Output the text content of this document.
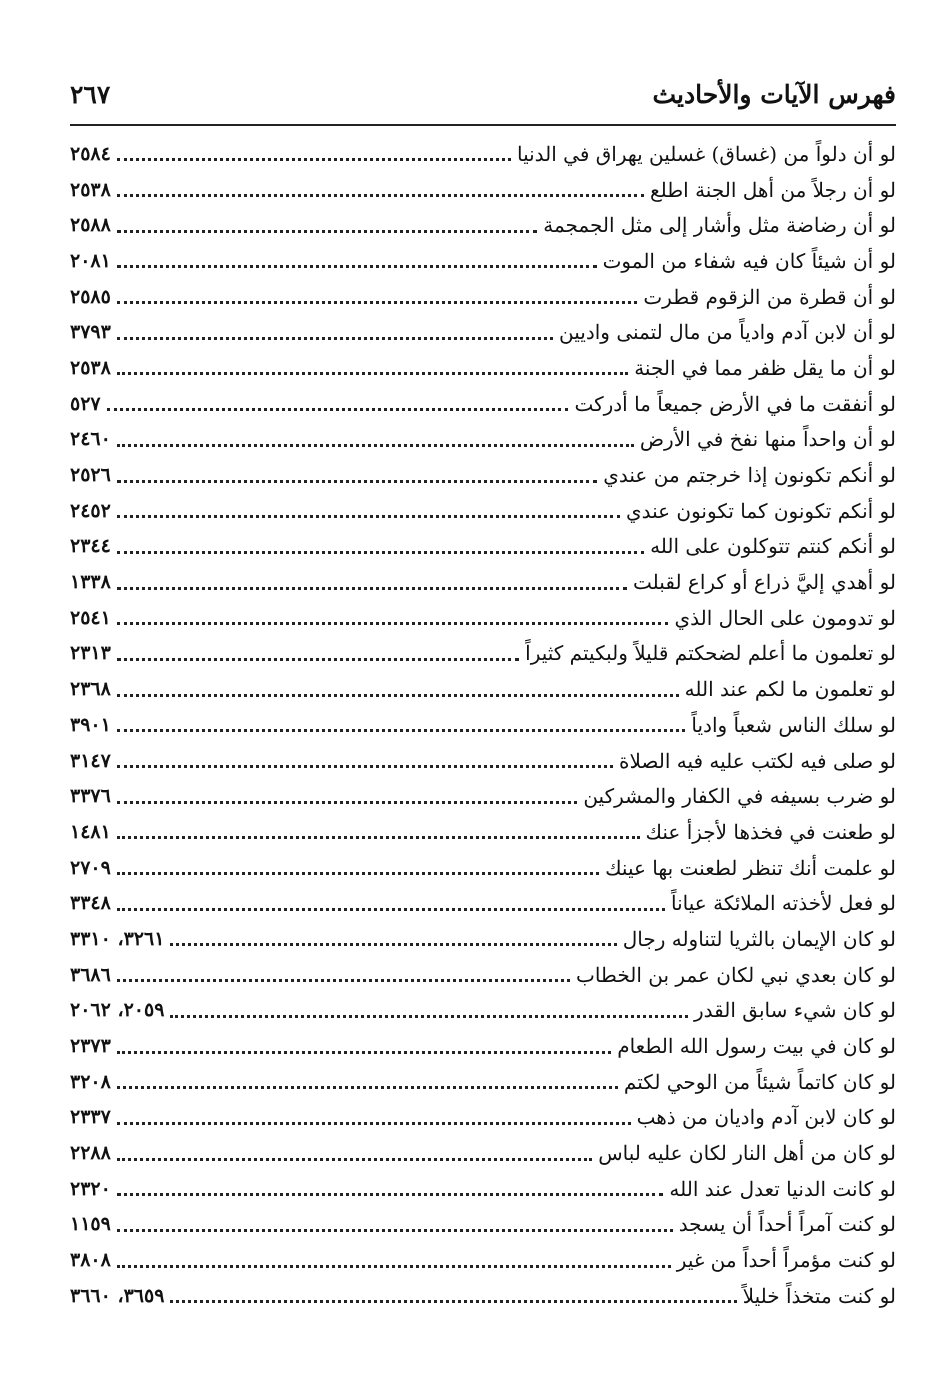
فهرس الآيات والأحاديث
٢٦٧
لو أن دلواً من (غساق) غسلين يهراق في الدنيا
٢٥٨٤
لو أن رجلاً من أهل الجنة اطلع
٢٥٣٨
لو أن رضاضة مثل وأشار إلى مثل الجمجمة
٢٥٨٨
لو أن شيئاً كان فيه شفاء من الموت
٢٠٨١
لو أن قطرة من الزقوم قطرت
٢٥٨٥
لو أن لابن آدم وادياً من مال لتمنى واديين
٣٧٩٣
لو أن ما يقل ظفر مما في الجنة
٢٥٣٨
لو أنفقت ما في الأرض جميعاً ما أدركت
٥٢٧
لو أن واحداً منها نفخ في الأرض
٢٤٦٠
لو أنكم تكونون إذا خرجتم من عندي
٢٥٢٦
لو أنكم تكونون كما تكونون عندي
٢٤٥٢
لو أنكم كنتم تتوكلون على الله
٢٣٤٤
لو أهدي إليَّ ذراع أو كراع لقبلت
١٣٣٨
لو تدومون على الحال الذي
٢٥٤١
لو تعلمون ما أعلم لضحكتم قليلاً ولبكيتم كثيراً
٢٣١٣
لو تعلمون ما لكم عند الله
٢٣٦٨
لو سلك الناس شعباً وادياً
٣٩٠١
لو صلى فيه لكتب عليه فيه الصلاة
٣١٤٧
لو ضرب بسيفه في الكفار والمشركين
٣٣٧٦
لو طعنت في فخذها لأجزأ عنك
١٤٨١
لو علمت أنك تنظر لطعنت بها عينك
٢٧٠٩
لو فعل لأخذته الملائكة عياناً
٣٣٤٨
لو كان الإيمان بالثريا لتناوله رجال
٣٢٦١، ٣٣١٠
لو كان بعدي نبي لكان عمر بن الخطاب
٣٦٨٦
لو كان شيء سابق القدر
٢٠٥٩، ٢٠٦٢
لو كان في بيت رسول الله الطعام
٢٣٧٣
لو كان كاتماً شيئاً من الوحي لكتم
٣٢٠٨
لو كان لابن آدم واديان من ذهب
٢٣٣٧
لو كان من أهل النار لكان عليه لباس
٢٢٨٨
لو كانت الدنيا تعدل عند الله
٢٣٢٠
لو كنت آمراً أحداً أن يسجد
١١٥٩
لو كنت مؤمراً أحداً من غير
٣٨٠٨
لو كنت متخذاً خليلاً
٣٦٥٩، ٣٦٦٠
